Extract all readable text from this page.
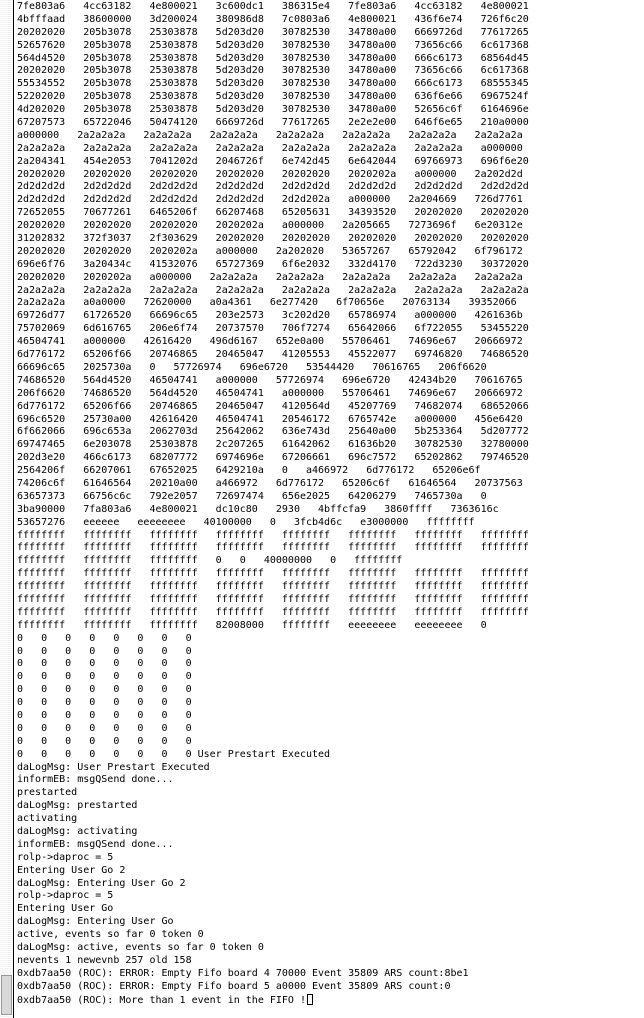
7fe803a6   4cc63182   4e800021   3c600dc1   386315e4   7fe803a6   4cc63182   4e800021
4bfffaad   38600000   3d200024   380986d8   7c0803a6   4e800021   436f6e74   726f6c20
20202020   205b3078   25303878   5d203d20   30782530   34780a00   6669726d   77617265
52657620   205b3078   25303878   5d203d20   30782530   34780a00   73656c66   6c617368
564d4520   205b3078   25303878   5d203d20   30782530   34780a00   666c6173   68564d45
20202020   205b3078   25303878   5d203d20   30782530   34780a00   73656c66   6c617368
55534552   205b3078   25303878   5d203d20   30782530   34780a00   666c6173   68555345
52202020   205b3078   25303878   5d203d20   30782530   34780a00   636f6e66   6967524f
4d202020   205b3078   25303878   5d203d20   30782530   34780a00   52656c6f   6164696e
67207573   65722046   50474120   6669726d   77617265   2e2e2e00   646f6e65   210a0000
a000000   2a2a2a2a   2a2a2a2a   2a2a2a2a   2a2a2a2a   2a2a2a2a   2a2a2a2a   2a2a2a2a
2a2a2a2a   2a2a2a2a   2a2a2a2a   2a2a2a2a   2a2a2a2a   2a2a2a2a   2a2a2a2a   a000000
2a204341   454e2053   7041202d   2046726f   6e742d45   6e642044   69766973   696f6e20
20202020   20202020   20202020   20202020   20202020   2020202a   a000000   2a202d2d
2d2d2d2d   2d2d2d2d   2d2d2d2d   2d2d2d2d   2d2d2d2d   2d2d2d2d   2d2d2d2d   2d2d2d2d
2d2d2d2d   2d2d2d2d   2d2d2d2d   2d2d2d2d   2d2d202a   a000000   2a204669   726d7761
72652055   70677261   6465206f   66207468   65205631   34393520   20202020   20202020
20202020   20202020   20202020   2020202a   a000000   2a205665   7273696f   6e20312e
31202832   372f3037   2f303629   20202020   20202020   20202020   20202020   20202020
20202020   20202020   2020202a   a000000   2a202020   53657267   65792042   6f796172
696e6f76   3a20434c   41532076   65727369   6f6e2032   332d4170   722d3230   30372020
20202020   2020202a   a000000   2a2a2a2a   2a2a2a2a   2a2a2a2a   2a2a2a2a   2a2a2a2a
2a2a2a2a   2a2a2a2a   2a2a2a2a   2a2a2a2a   2a2a2a2a   2a2a2a2a   2a2a2a2a   2a2a2a2a
2a2a2a2a   a0a0000   72620000   a0a4361   6e277420   6f70656e   20763134   39352066
69726d77   61726520   66696c65   203e2573   3c202d20   65786974   a000000   4261636b
75702069   6d616765   206e6f74   20737570   706f7274   65642066   6f722055   53455220
46504741   a000000   42616420   496d6167   652e0a00   55706461   74696e67   20666972
6d776172   65206f66   20746865   20465047   41205553   45522077   69746820   74686520
66696c65   2025730a   0   57726974   696e6720   53544420   70616765   206f6620
74686520   564d4520   46504741   a000000   57726974   696e6720   42434b20   70616765
206f6620   74686520   564d4520   46504741   a000000   55706461   74696e67   20666972
6d776172   65206f66   20746865   20465047   4120564d   45207769   74682074   68652066
696c6520   25730a00   42616420   46504741   20546172   6765742e   a000000   456e6420
6f662066   696c653a   2062703d   25642062   636e743d   25640a00   5b253364   5d207772
69747465   6e203078   25303878   2c207265   61642062   61636b20   30782530   32780000
202d3e20   466c6173   68207772   6974696e   67206661   696c7572   65202862   79746520
2564206f   66207061   67652025   6429210a   0   a466972   6d776172   65206e6f
74206c6f   61646564   20210a00   a466972   6d776172   65206c6f   61646564   20737563
63657373   66756c6c   792e2057   72697474   656e2025   64206279   7465730a   0
3ba90000   7fa803a6   4e800021   dc10c80   2930   4bffcfa9   3860ffff   7363616c
53657276   eeeeee   eeeeeeee   40100000   0   3fcb4d6c   e3000000   ffffffff
ffffffff   ffffffff   ffffffff   ffffffff   ffffffff   ffffffff   ffffffff   ffffffff
ffffffff   ffffffff   ffffffff   ffffffff   ffffffff   ffffffff   ffffffff   ffffffff
ffffffff   ffffffff   ffffffff   0   0   40000000   0   ffffffff
ffffffff   ffffffff   ffffffff   ffffffff   ffffffff   ffffffff   ffffffff   ffffffff
ffffffff   ffffffff   ffffffff   ffffffff   ffffffff   ffffffff   ffffffff   ffffffff
ffffffff   ffffffff   ffffffff   ffffffff   ffffffff   ffffffff   ffffffff   ffffffff
ffffffff   ffffffff   ffffffff   ffffffff   ffffffff   ffffffff   ffffffff   ffffffff
ffffffff   ffffffff   ffffffff   82008000   ffffffff   eeeeeeee   eeeeeeee   0
0   0   0   0   0   0   0   0
0   0   0   0   0   0   0   0
0   0   0   0   0   0   0   0
0   0   0   0   0   0   0   0
0   0   0   0   0   0   0   0
0   0   0   0   0   0   0   0
0   0   0   0   0   0   0   0
0   0   0   0   0   0   0   0
0   0   0   0   0   0   0   0
0   0   0   0   0   0   0   0 User Prestart Executed
daLogMsg: User Prestart Executed
informEB: msgQSend done...
prestarted
daLogMsg: prestarted
activating
daLogMsg: activating
informEB: msgQSend done...
rolp->daproc = 5
Entering User Go 2
daLogMsg: Entering User Go 2
rolp->daproc = 5
Entering User Go
daLogMsg: Entering User Go
active, events so far 0 token 0
daLogMsg: active, events so far 0 token 0
nevents 1 newevnb 257 old 158
0xdb7aa50 (ROC): ERROR: Empty Fifo board 4 70000 Event 35809 ARS count:8be1
0xdb7aa50 (ROC): ERROR: Empty Fifo board 5 a0000 Event 35809 ARS count:0
0xdb7aa50 (ROC): More than 1 event in the FIFO !
